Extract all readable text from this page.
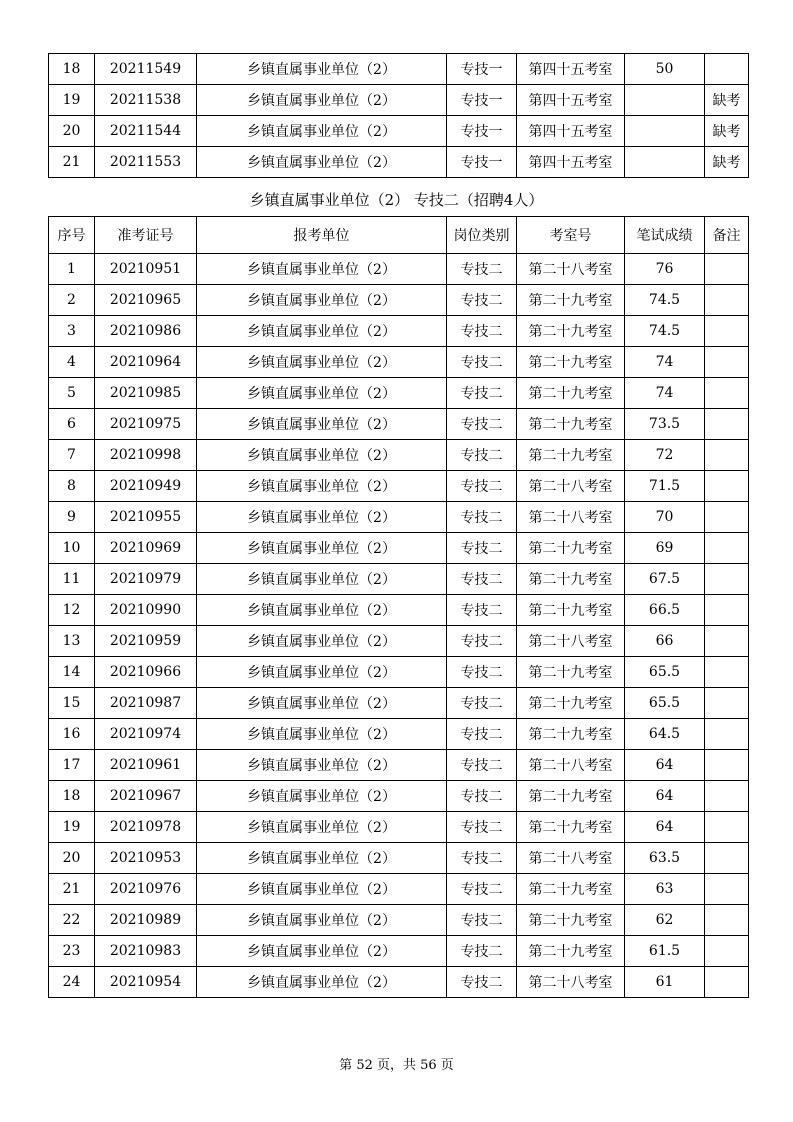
18	20211549	乡镇直属事业单位（2）	专技一	第四十五考室	50	
19	20211538	乡镇直属事业单位（2）	专技一	第四十五考室		缺考
20	20211544	乡镇直属事业单位（2）	专技一	第四十五考室		缺考
21	20211553	乡镇直属事业单位（2）	专技一	第四十五考室		缺考
乡镇直属事业单位（2） 专技二（招聘4人）
序号	准考证号	报考单位	岗位类别	考室号	笔试成绩	备注
1	20210951	乡镇直属事业单位（2）	专技二	第二十八考室	76	
2	20210965	乡镇直属事业单位（2）	专技二	第二十九考室	74.5	
3	20210986	乡镇直属事业单位（2）	专技二	第二十九考室	74.5	
4	20210964	乡镇直属事业单位（2）	专技二	第二十九考室	74	
5	20210985	乡镇直属事业单位（2）	专技二	第二十九考室	74	
6	20210975	乡镇直属事业单位（2）	专技二	第二十九考室	73.5	
7	20210998	乡镇直属事业单位（2）	专技二	第二十九考室	72	
8	20210949	乡镇直属事业单位（2）	专技二	第二十八考室	71.5	
9	20210955	乡镇直属事业单位（2）	专技二	第二十八考室	70	
10	20210969	乡镇直属事业单位（2）	专技二	第二十九考室	69	
11	20210979	乡镇直属事业单位（2）	专技二	第二十九考室	67.5	
12	20210990	乡镇直属事业单位（2）	专技二	第二十九考室	66.5	
13	20210959	乡镇直属事业单位（2）	专技二	第二十八考室	66	
14	20210966	乡镇直属事业单位（2）	专技二	第二十九考室	65.5	
15	20210987	乡镇直属事业单位（2）	专技二	第二十九考室	65.5	
16	20210974	乡镇直属事业单位（2）	专技二	第二十九考室	64.5	
17	20210961	乡镇直属事业单位（2）	专技二	第二十八考室	64	
18	20210967	乡镇直属事业单位（2）	专技二	第二十九考室	64	
19	20210978	乡镇直属事业单位（2）	专技二	第二十九考室	64	
20	20210953	乡镇直属事业单位（2）	专技二	第二十八考室	63.5	
21	20210976	乡镇直属事业单位（2）	专技二	第二十九考室	63	
22	20210989	乡镇直属事业单位（2）	专技二	第二十九考室	62	
23	20210983	乡镇直属事业单位（2）	专技二	第二十九考室	61.5	
24	20210954	乡镇直属事业单位（2）	专技二	第二十八考室	61	
第 52 页，共 56 页
